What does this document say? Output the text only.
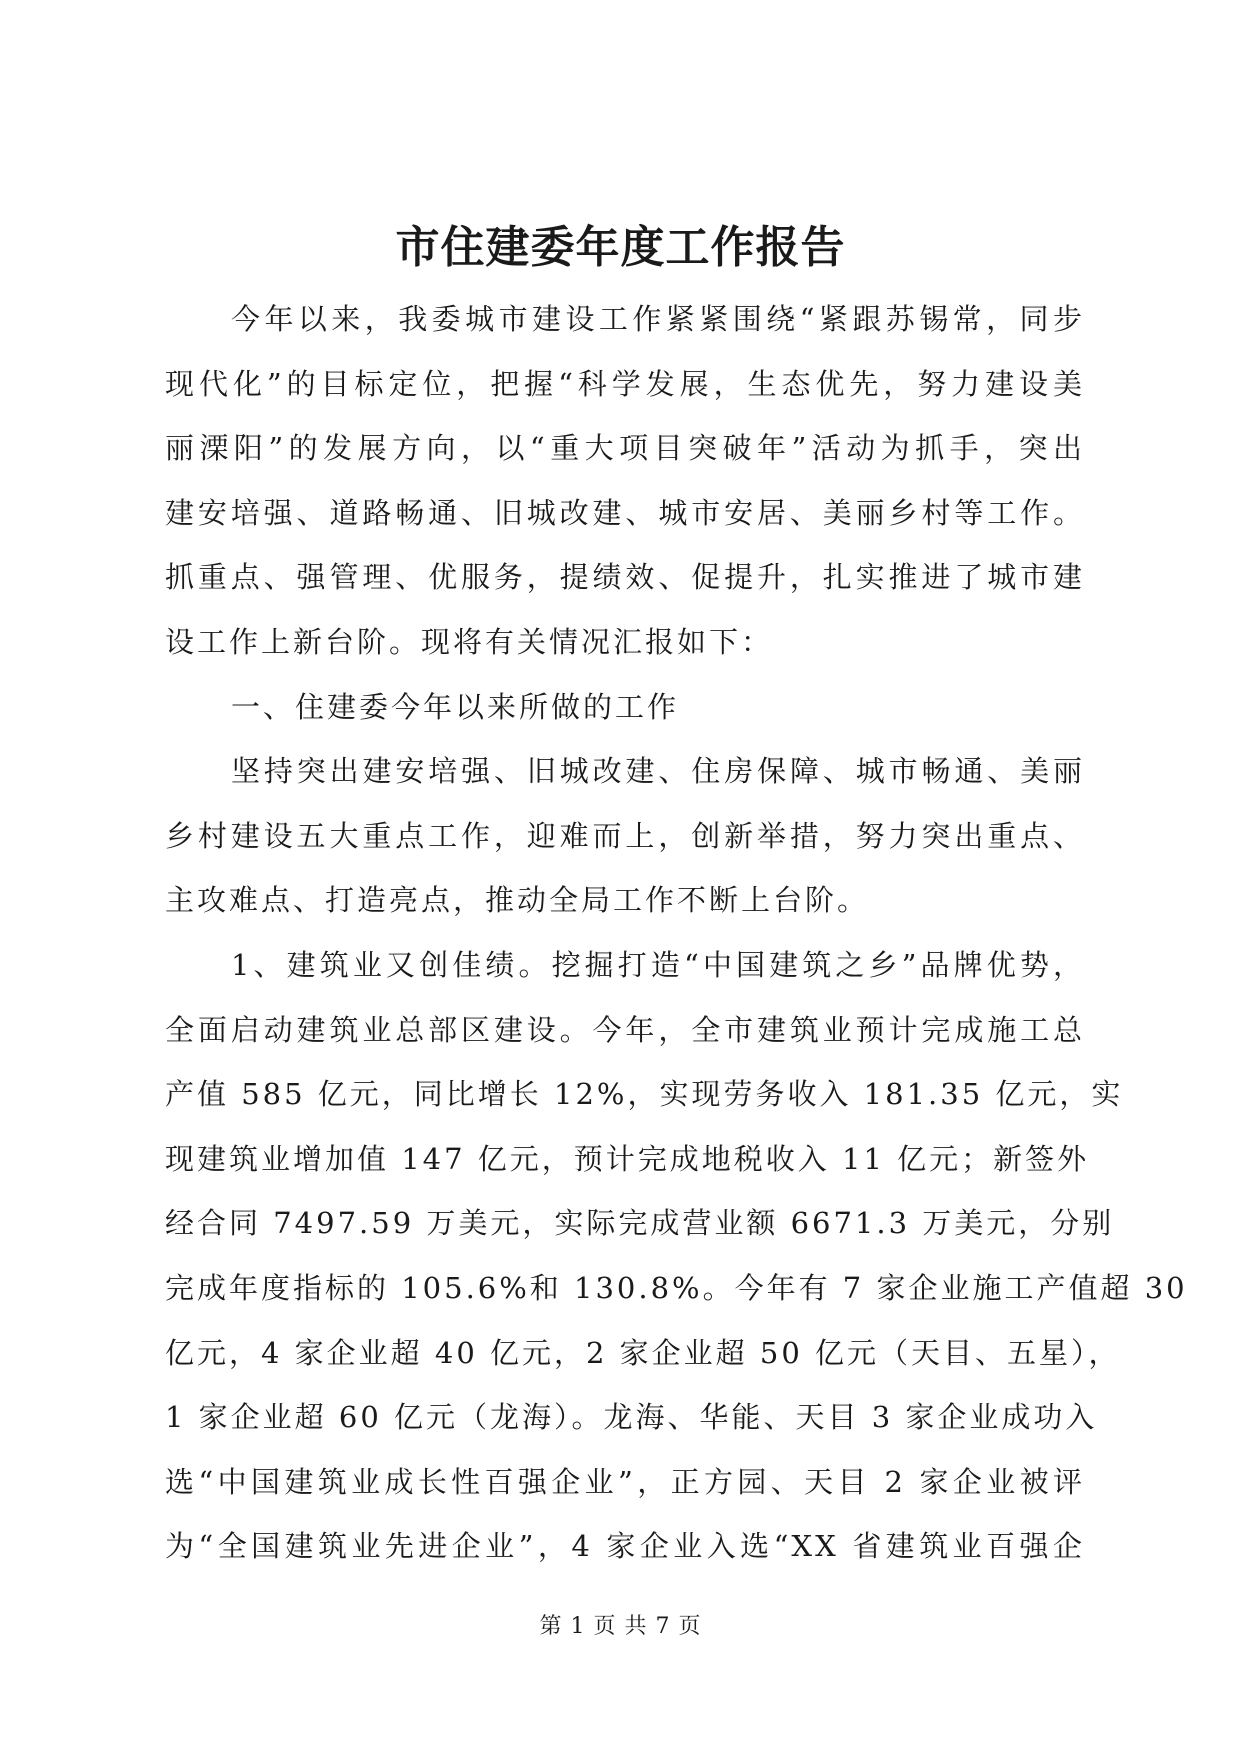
市住建委年度工作报告
今年以来，我委城市建设工作紧紧围绕“紧跟苏锡常，同步
现代化”的目标定位，把握“科学发展，生态优先，努力建设美
丽溧阳”的发展方向，以“重大项目突破年”活动为抓手，突出
建安培强、道路畅通、旧城改建、城市安居、美丽乡村等工作。
抓重点、强管理、优服务，提绩效、促提升，扎实推进了城市建
设工作上新台阶。现将有关情况汇报如下：
一、住建委今年以来所做的工作
坚持突出建安培强、旧城改建、住房保障、城市畅通、美丽
乡村建设五大重点工作，迎难而上，创新举措，努力突出重点、
主攻难点、打造亮点，推动全局工作不断上台阶。
1、建筑业又创佳绩。挖掘打造“中国建筑之乡”品牌优势，
全面启动建筑业总部区建设。今年，全市建筑业预计完成施工总
产值 585 亿元，同比增长 12%，实现劳务收入 181.35 亿元，实
现建筑业增加值 147 亿元，预计完成地税收入 11 亿元；新签外
经合同 7497.59 万美元，实际完成营业额 6671.3 万美元，分别
完成年度指标的 105.6%和 130.8%。今年有 7 家企业施工产值超 30
亿元，4 家企业超 40 亿元，2 家企业超 50 亿元（天目、五星），
1 家企业超 60 亿元（龙海）。龙海、华能、天目 3 家企业成功入
选“中国建筑业成长性百强企业”，正方园、天目 2 家企业被评
为“全国建筑业先进企业”，4 家企业入选“XX 省建筑业百强企
第 1 页 共 7 页
